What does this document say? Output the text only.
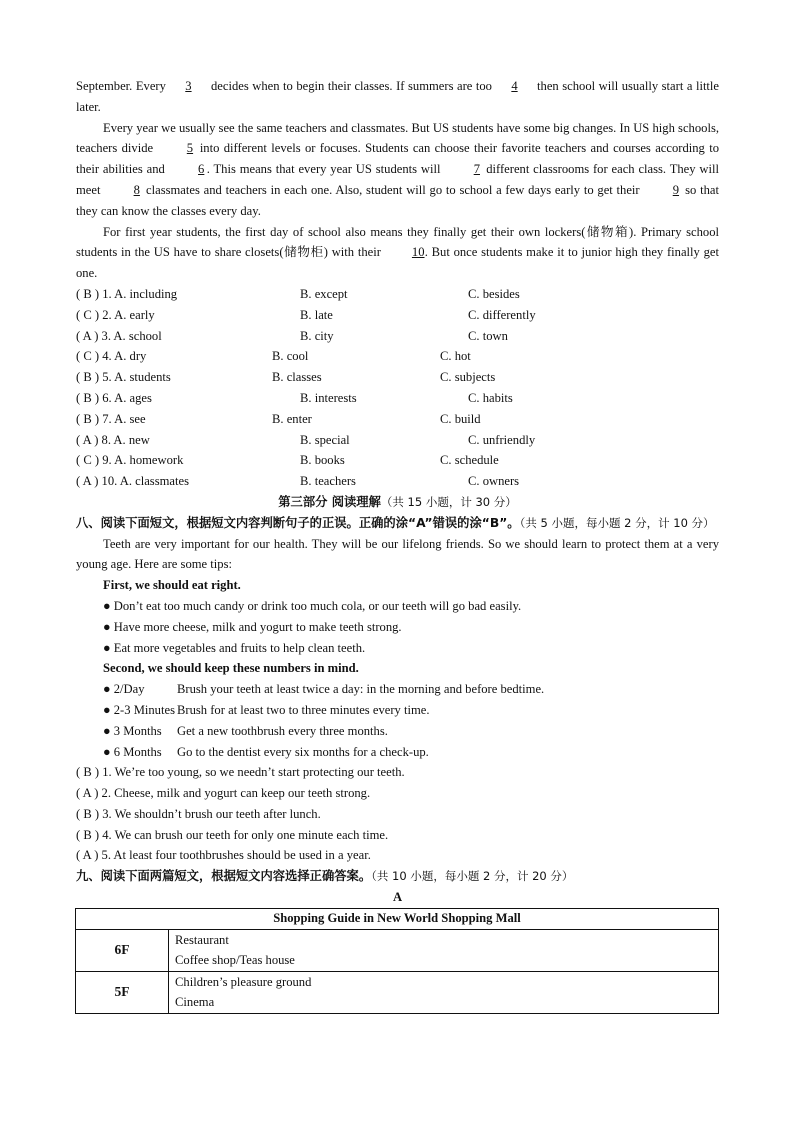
September. Every 3 decides when to begin their classes. If summers are too 4 then school will usually start a little later.

Every year we usually see the same teachers and classmates. But US students have some big changes. In US high schools, teachers divide	5 into different levels or focuses. Students can choose their favorite teachers and courses according to their abilities and	6 . This means that every year US students will	7 different classrooms for each class. They will meet	8 classmates and teachers in each one. Also, student will go to school a few days early to get their	9 so that they can know the classes every day.

For first year students, the first day of school also means they finally get their own lockers(储物箱). Primary school students in the US have to share closets(储物柜) with their 10. But once students make it to junior high they finally get one.

( B ) 1. A. including	B. except	C. besides
( C ) 2. A. early	B. late	C. differently
( A ) 3. A. school	B. city	C. town
( C ) 4. A. dry	B. cool	C. hot
( B ) 5. A. students	B. classes	C. subjects
( B ) 6. A. ages	B. interests	C. habits
( B ) 7. A. see	B. enter	C. build
( A ) 8. A. new	B. special	C. unfriendly
( C ) 9. A. homework	B. books	C. schedule
( A ) 10. A. classmates	B. teachers	C. owners
第三部分 阅读理解（共 15 小题，计 30 分）

八、阅读下面短文，根据短文内容判断句子的正误。正确的涂“A”错误的涂“B”。（共 5 小题，每小题 2 分，计 10 分）

Teeth are very important for our health. They will be our lifelong friends. So we should learn to protect them at a very young age. Here are some tips:

First, we should eat right.
● Don’t eat too much candy or drink too much cola, or our teeth will go bad easily.
● Have more cheese, milk and yogurt to make teeth strong.
● Eat more vegetables and fruits to help clean teeth.
Second, we should keep these numbers in mind.
● 2/Day	Brush your teeth at least twice a day: in the morning and before bedtime.
● 2-3 Minutes Brush for at least two to three minutes every time.
● 3 Months Get a new toothbrush every three months.
● 6 Months Go to the dentist every six months for a check-up.
( B ) 1. We’re too young, so we needn’t start protecting our teeth.
( A ) 2. Cheese, milk and yogurt can keep our teeth strong.
( B ) 3. We shouldn’t brush our teeth after lunch.
( B ) 4. We can brush our teeth for only one minute each time.
( A ) 5. At least four toothbrushes should be used in a year.

九、阅读下面两篇短文，根据短文内容选择正确答案。（共 10 小题，每小题 2 分，计 20 分）

A
Shopping Guide in New World Shopping Mall	
6F	Restaurant
Coffee shop/Teas house

5F	Children’s pleasure ground
Cinema
